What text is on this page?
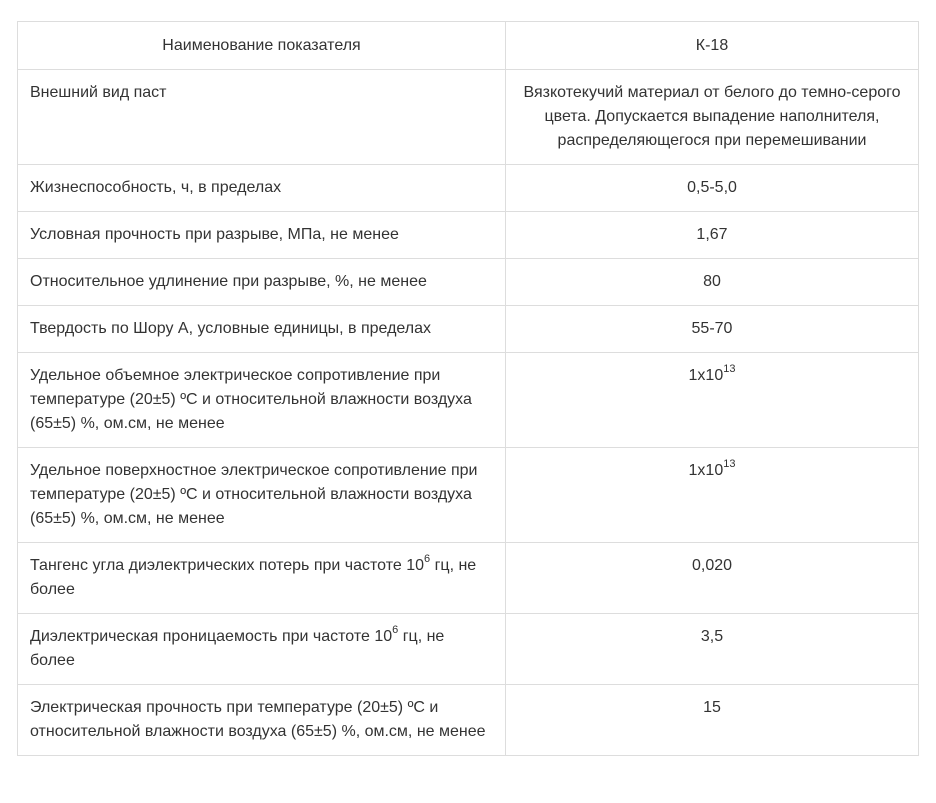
Наименование показателя	К-18
Внешний вид паст	Вязкотекучий материал от белого до темно-серого цвета. Допускается выпадение наполнителя, распределяющегося при перемешивании
Жизнеспособность, ч, в пределах	0,5-5,0
Условная прочность при разрыве, МПа, не менее	1,67
Относительное удлинение при разрыве, %, не менее	80
Твердость по Шору А, условные единицы, в пределах	55-70
Удельное объемное электрическое сопротивление при температуре (20±5) ºС и относительной влажности воздуха (65±5) %, ом.см, не менее	$1х10^{13}$
Удельное поверхностное электрическое сопротивление при температуре (20±5) ºС и относительной влажности воздуха (65±5) %, ом.см, не менее	$1х10^{13}$
Тангенс угла диэлектрических потерь при частоте $10^6$ гц, не более	0,020
Диэлектрическая проницаемость при частоте $10^6$ гц, не более	3,5
Электрическая прочность при температуре (20±5) ºС и относительной влажности воздуха (65±5) %, ом.см, не менее	15
